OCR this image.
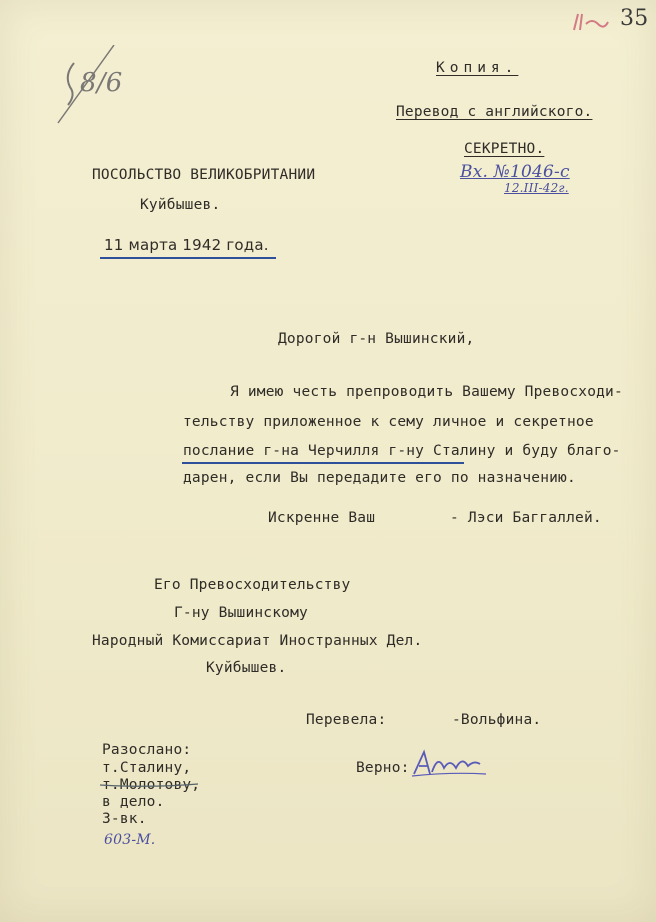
35
8/6	Копия.
Перевод с английского.
СЕКРЕТНО.
Вх. №1046-с
12.III-42г.
ПОСОЛЬСТВО ВЕЛИКОБРИТАНИИ
Куйбышев.
11 марта 1942 года.
Дорогой г-н Вышинский,
Я имею честь препроводить Вашему Превосходи-
тельству приложенное к сему личное и секретное
послание г-на Черчилля г-ну Сталину и буду благо-
дарен, если Вы передадите его по назначению.
Искренне Ваш	- Лэси Баггаллей.
Его Превосходительству
Г-ну Вышинскому
Народный Комиссариат Иностранных Дел.
Куйбышев.
Перевела:	-Вольфина.
Разослано:
т.Сталину,
т.Молотову,
в дело.
3-вк.
603-М.
Верно:
